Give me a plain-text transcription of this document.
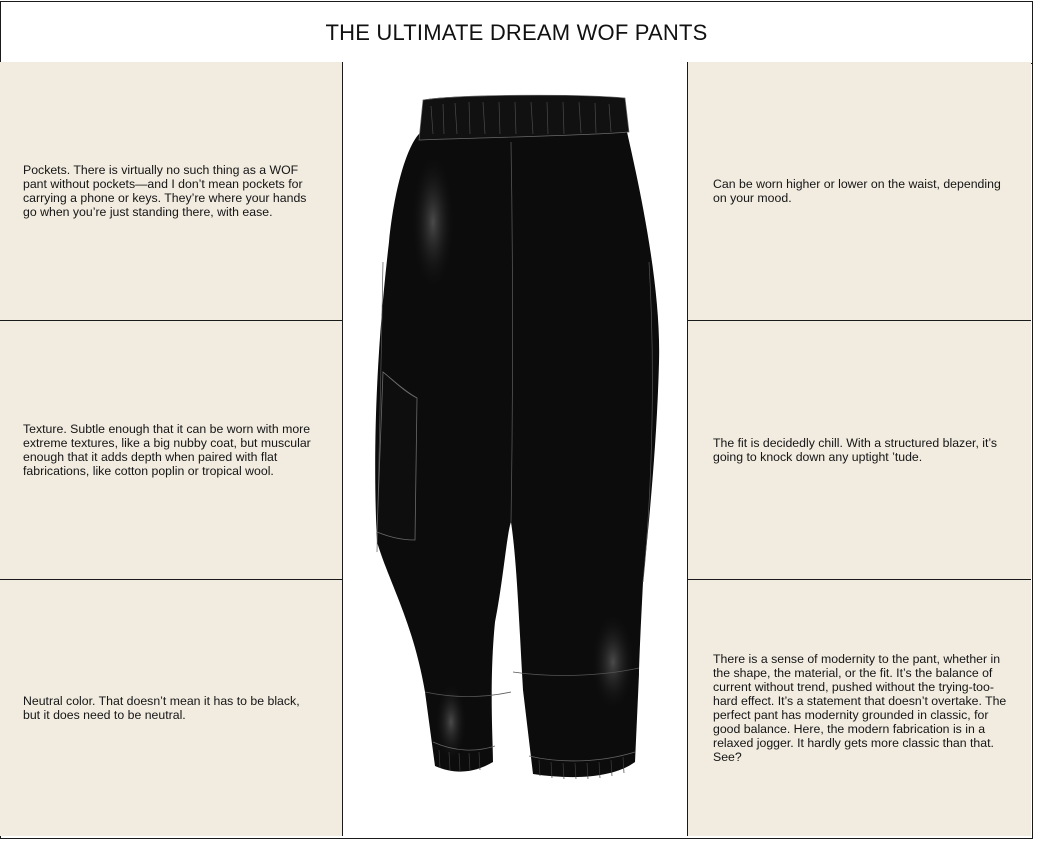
THE ULTIMATE DREAM WOF PANTS

Pockets. There is virtually no such thing as a WOF pant without pockets—and I don’t mean pockets for carrying a phone or keys. They’re where your hands go when you’re just standing there, with ease.

Texture. Subtle enough that it can be worn with more extreme textures, like a big nubby coat, but muscular enough that it adds depth when paired with flat fabrications, like cotton poplin or tropical wool.

Neutral color. That doesn’t mean it has to be black, but it does need to be neutral.

Can be worn higher or lower on the waist, depending on your mood.

The fit is decidedly chill. With a structured blazer, it’s going to knock down any uptight ’tude.

There is a sense of modernity to the pant, whether in the shape, the material, or the fit. It’s the balance of current without trend, pushed without the trying-too-hard effect. It’s a statement that doesn’t overtake. The perfect pant has modernity grounded in classic, for good balance. Here, the modern fabrication is in a relaxed jogger. It hardly gets more classic than that. See?
